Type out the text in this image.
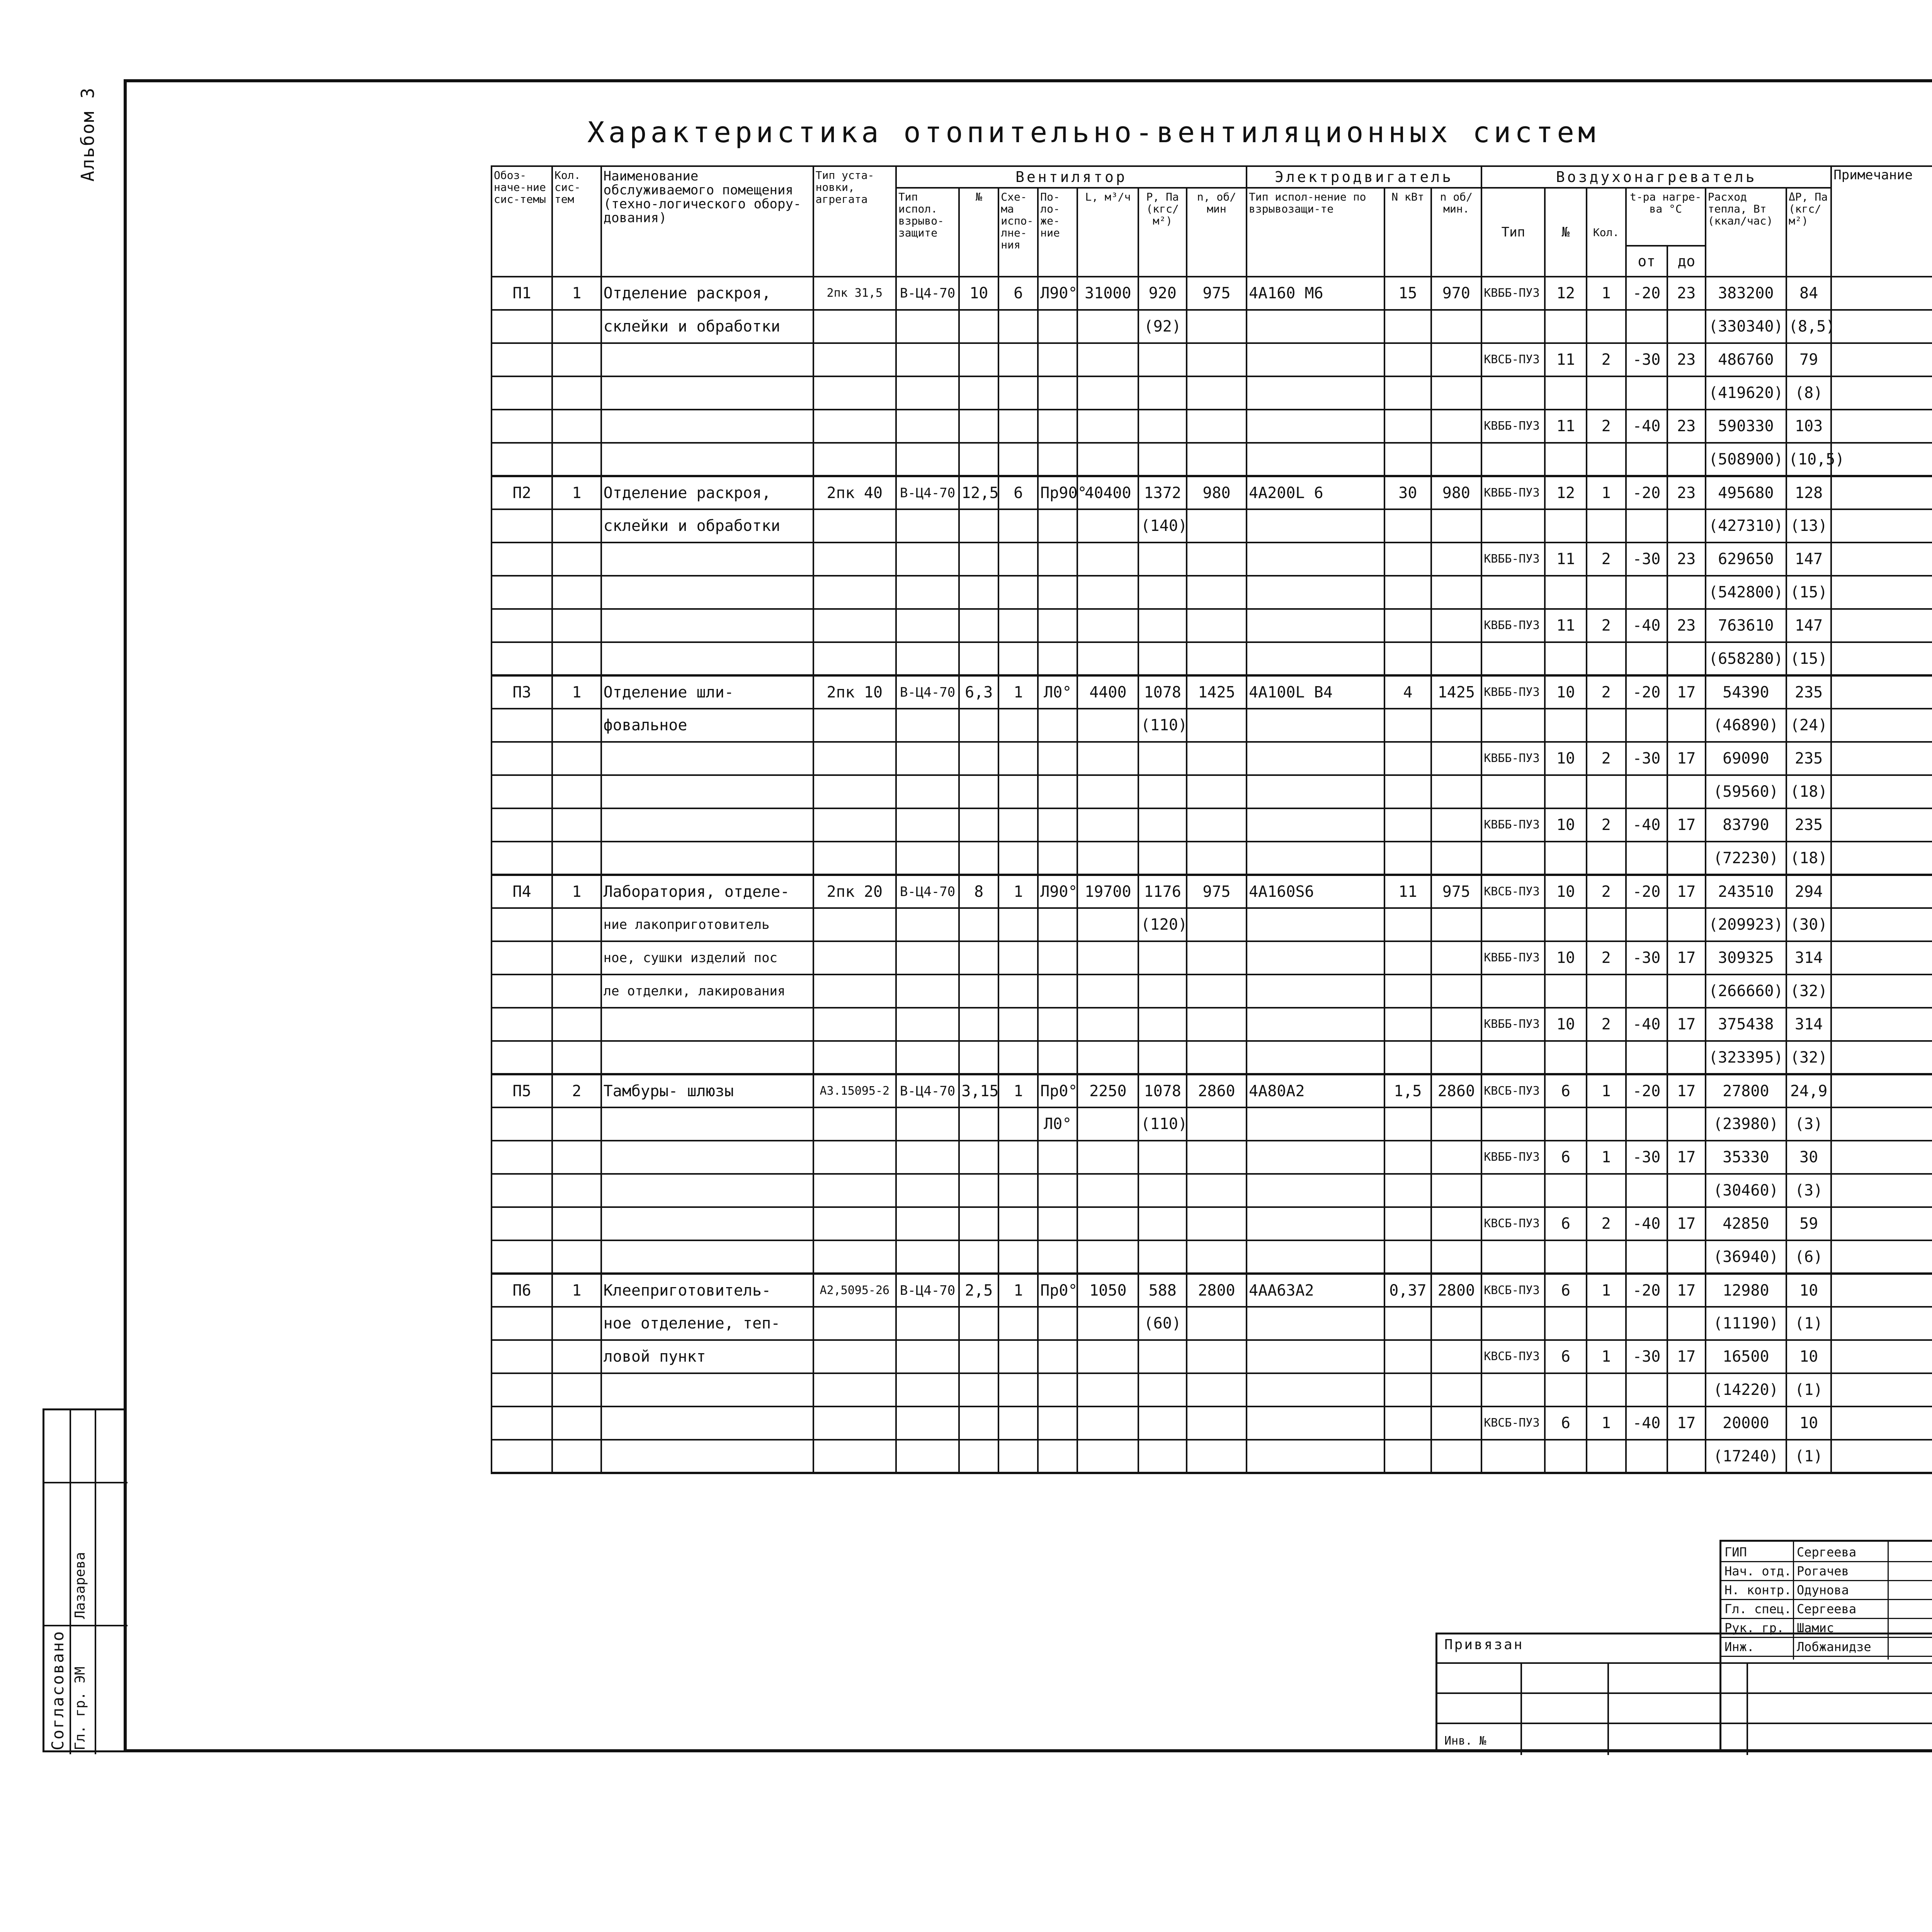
Альбом 3	Характеристика отопительно-вентиляционных систем
Обоз-наче-ние сис-темы	Кол. сис-тем	Наименование обслуживаемого помещения (техно-логического обору-дования)	Тип уста-новки, агрегата	Вентилятор							Электродвигатель			Воздухонагреватель							Примечание
				Тип испол. взрыво-защите	№	Схе-ма испо-лне-ния	По-ло-же-ние	L, м³/ч	P, Па (кгс/м²)	n, об/мин	Тип испол-нение по взрывозащи-те	N кВт	n об/мин.	Тип	№	Кол.	t-ра нагре-ва °С		Расход тепла, Вт (ккал/час)	ΔP, Па (кгс/м²)	
																	от	до			
П1	1	Отделение раскроя,	2пк 31,5	В-Ц4-70	10	6	Л90°	31000	920	975	4А160 М6	15	970	КВББ-ПУ3	12	1	-20	23	383200	84	
		склейки и обработки							(92)										(330340)	(8,5)	
														КВСБ-ПУ3	11	2	-30	23	486760	79	
																			(419620)	(8)	
														КВББ-ПУ3	11	2	-40	23	590330	103	
																			(508900)	(10,5)	
П2	1	Отделение раскроя,	2пк 40	В-Ц4-70	12,5	6	Пр90°	40400	1372	980	4А200L 6	30	980	КВББ-ПУ3	12	1	-20	23	495680	128	
		склейки и обработки							(140)										(427310)	(13)	
														КВББ-ПУ3	11	2	-30	23	629650	147	
																			(542800)	(15)	
														КВББ-ПУ3	11	2	-40	23	763610	147	
																			(658280)	(15)	
П3	1	Отделение шли-	2пк 10	В-Ц4-70	6,3	1	Л0°	4400	1078	1425	4А100L В4	4	1425	КВББ-ПУ3	10	2	-20	17	54390	235	
		фовальное							(110)										(46890)	(24)	
														КВББ-ПУ3	10	2	-30	17	69090	235	
																			(59560)	(18)	
														КВББ-ПУ3	10	2	-40	17	83790	235	
																			(72230)	(18)	
П4	1	Лаборатория, отделе-	2пк 20	В-Ц4-70	8	1	Л90°	19700	1176	975	4А160S6	11	975	КВСБ-ПУ3	10	2	-20	17	243510	294	
		ние лакоприготовитель							(120)										(209923)	(30)	
		ное, сушки изделий пос												КВББ-ПУ3	10	2	-30	17	309325	314	
		ле отделки, лакирования																	(266660)	(32)	
														КВББ-ПУ3	10	2	-40	17	375438	314	
																			(323395)	(32)	
П5	2	Тамбуры- шлюзы	А3.15095-2	В-Ц4-70	3,15	1	Пр0°	2250	1078	2860	4А80А2	1,5	2860	КВСБ-ПУ3	6	1	-20	17	27800	24,9	
							Л0°		(110)										(23980)	(3)	
														КВББ-ПУ3	6	1	-30	17	35330	30	
																			(30460)	(3)	
														КВСБ-ПУ3	6	2	-40	17	42850	59	
																			(36940)	(6)	
П6	1	Клееприготовитель-	А2,5095-26	В-Ц4-70	2,5	1	Пр0°	1050	588	2800	4АА63А2	0,37	2800	КВСБ-ПУ3	6	1	-20	17	12980	10	
		ное отделение, теп-							(60)										(11190)	(1)	
		ловой пункт												КВСБ-ПУ3	6	1	-30	17	16500	10	
																			(14220)	(1)	
														КВСБ-ПУ3	6	1	-40	17	20000	10	
																			(17240)	(1)	
Привязан
Инв. №
ГИП	Сергеева
Нач. отд. Рогачев
Н. контр. Одунова
Гл. спец. Сергеева
Рук. гр. Шамис
Инж.	Лобжанидзе
Согласовано Гл. гр. ЭМ
Лазарева
